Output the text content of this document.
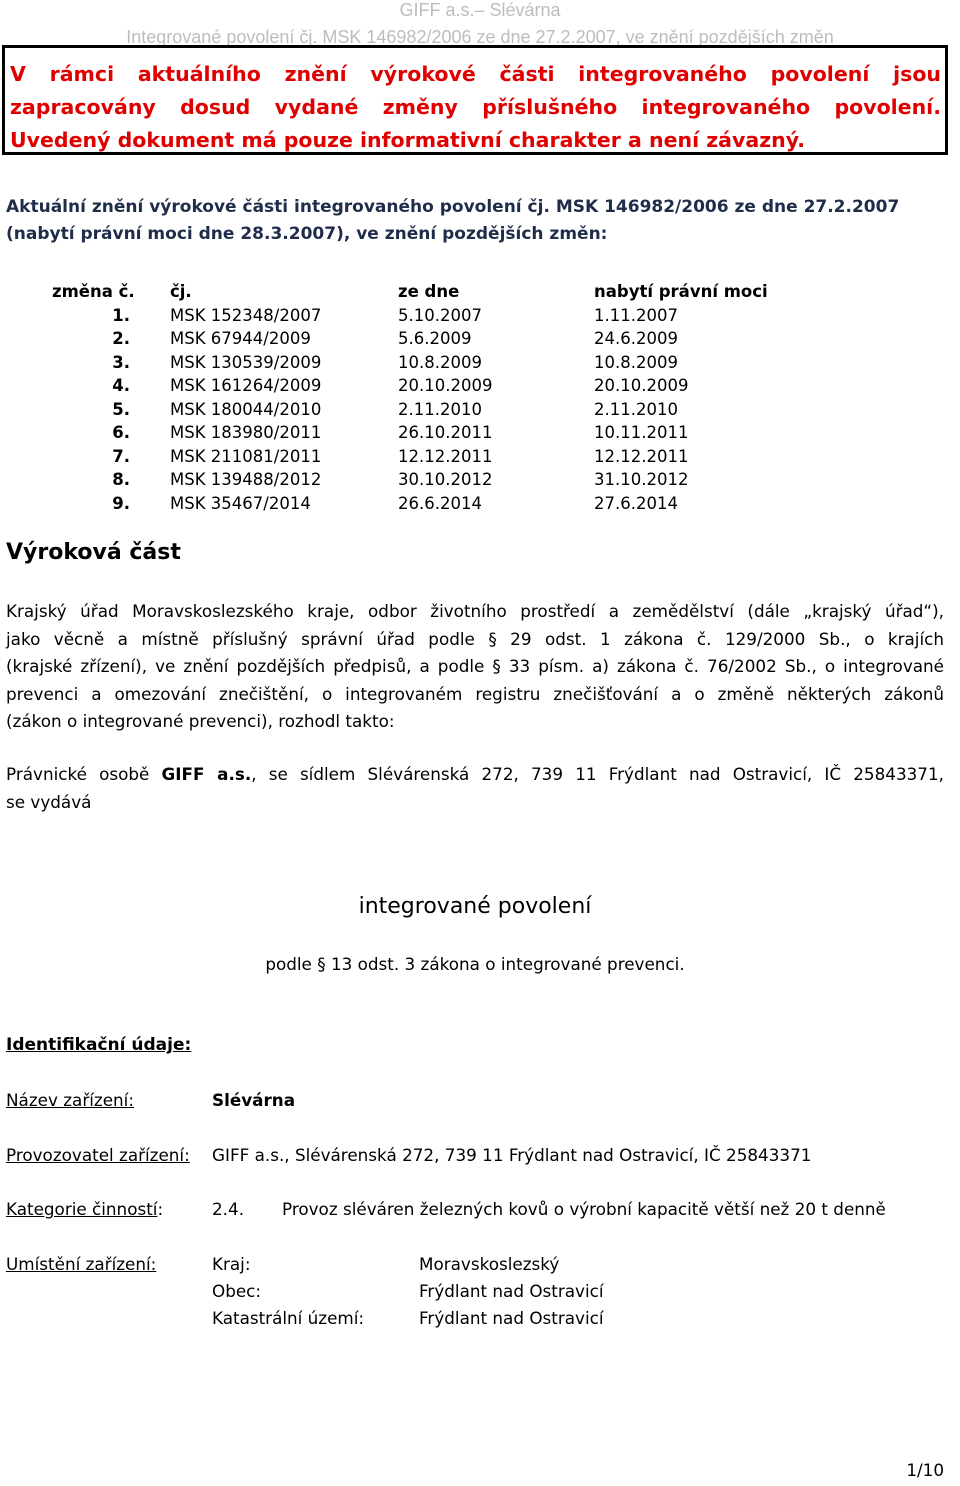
GIFF a.s.– Slévárna
Integrované povolení čj. MSK 146982/2006 ze dne 27.2.2007, ve znění pozdějších změn
V rámci aktuálního znění výrokové části integrovaného povolení jsou
zapracovány dosud vydané změny příslušného integrovaného povolení.
Uvedený dokument má pouze informativní charakter a není závazný.
Aktuální znění výrokové části integrovaného povolení čj. MSK 146982/2006 ze dne 27.2.2007
(nabytí právní moci dne 28.3.2007), ve znění pozdějších změn:
změna č. čj.	ze dne	nabytí právní moci
1. MSK 152348/2007	5.10.2007	1.11.2007
2. MSK 67944/2009	5.6.2009	24.6.2009
3. MSK 130539/2009	10.8.2009	10.8.2009
4. MSK 161264/2009	20.10.2009	20.10.2009
5. MSK 180044/2010	2.11.2010	2.11.2010
6. MSK 183980/2011	26.10.2011	10.11.2011
7. MSK 211081/2011	12.12.2011	12.12.2011
8. MSK 139488/2012	30.10.2012	31.10.2012
9. MSK 35467/2014	26.6.2014	27.6.2014
Výroková část
Krajský úřad Moravskoslezského kraje, odbor životního prostředí a zemědělství (dále „krajský úřad“),
jako věcně a místně příslušný správní úřad podle § 29 odst. 1 zákona č. 129/2000 Sb., o krajích
(krajské zřízení), ve znění pozdějších předpisů, a podle § 33 písm. a) zákona č. 76/2002 Sb., o integrované
prevenci a omezování znečištění, o integrovaném registru znečišťování a o změně některých zákonů
(zákon o integrované prevenci), rozhodl takto:
Právnické osobě GIFF a.s., se sídlem Slévárenská 272, 739 11 Frýdlant nad Ostravicí, IČ 25843371,
se vydává
integrované povolení
podle § 13 odst. 3 zákona o integrované prevenci.
Identifikační údaje:
Název zařízení:	Slévárna
Provozovatel zařízení: GIFF a.s., Slévárenská 272, 739 11 Frýdlant nad Ostravicí, IČ 25843371
Kategorie činností:	2.4. Provoz sléváren železných kovů o výrobní kapacitě větší než 20 t denně
Umístění zařízení:	Kraj:	Moravskoslezský
Obec:	Frýdlant nad Ostravicí
Katastrální území:	Frýdlant nad Ostravicí
1/10
